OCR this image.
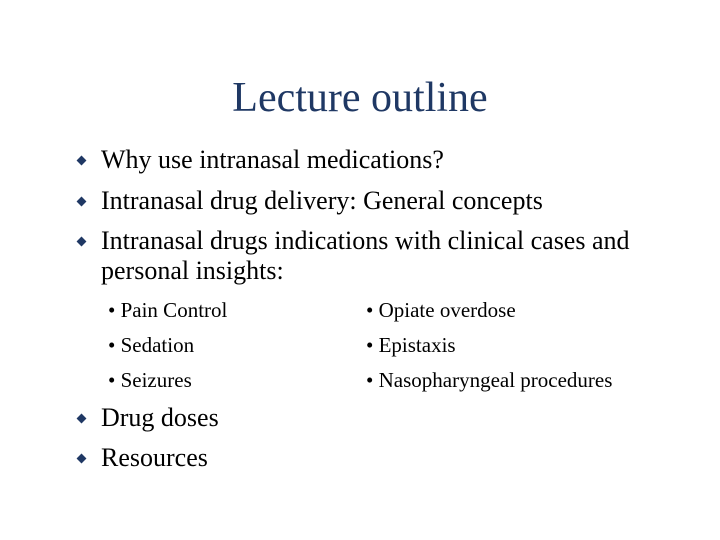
Lecture outline
Why use intranasal medications?
Intranasal drug delivery: General concepts
Intranasal drugs indications with clinical cases and personal insights:
• Pain Control
• Sedation
• Seizures
• Opiate overdose
• Epistaxis
• Nasopharyngeal procedures
Drug doses
Resources
